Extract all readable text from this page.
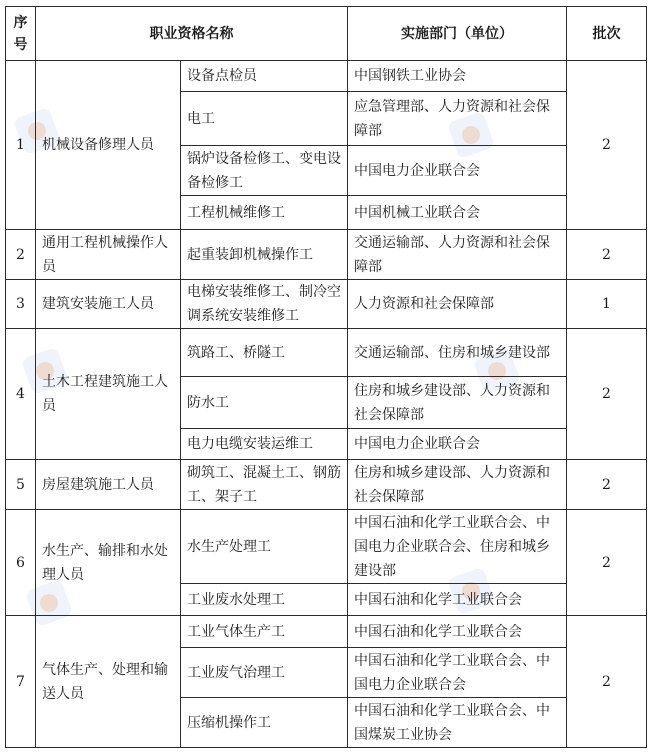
序号	职业资格名称		实施部门（单位）	批次
1	机械设备修理人员	设备点检员	中国钢铁工业协会	2
		电工	应急管理部、人力资源和社会保障部	
		锅炉设备检修工、变电设备检修工	中国电力企业联合会	
		工程机械维修工	中国机械工业联合会	
2	通用工程机械操作人员	起重装卸机械操作工	交通运输部、人力资源和社会保障部	2
3	建筑安装施工人员	电梯安装维修工、制冷空调系统安装维修工	人力资源和社会保障部	1
4	土木工程建筑施工人员	筑路工、桥隧工	交通运输部、住房和城乡建设部	2
		防水工	住房和城乡建设部、人力资源和社会保障部	
		电力电缆安装运维工	中国电力企业联合会	
5	房屋建筑施工人员	砌筑工、混凝土工、钢筋工、架子工	住房和城乡建设部、人力资源和社会保障部	2
6	水生产、输排和水处理人员	水生产处理工	中国石油和化学工业联合会、中国电力企业联合会、住房和城乡建设部	2
		工业废水处理工	中国石油和化学工业联合会	
7	气体生产、处理和输送人员	工业气体生产工	中国石油和化学工业联合会	2
		工业废气治理工	中国石油和化学工业联合会、中国电力企业联合会	
		压缩机操作工	中国石油和化学工业联合会、中国煤炭工业协会	
